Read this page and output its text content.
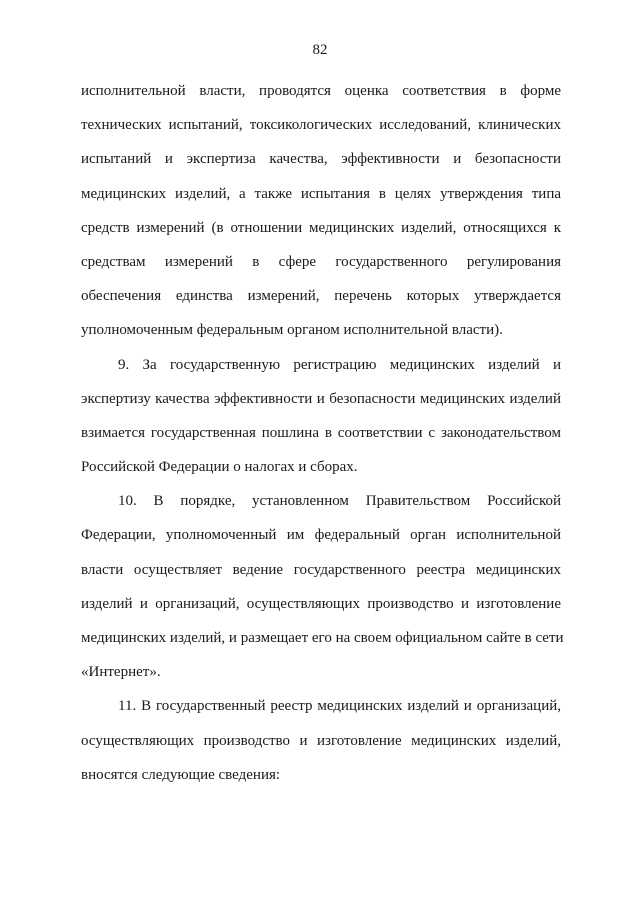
82
исполнительной власти, проводятся оценка соответствия в форме
технических испытаний, токсикологических исследований, клинических
испытаний и экспертиза качества, эффективности и безопасности
медицинских изделий, а также испытания в целях утверждения типа
средств измерений (в отношении медицинских изделий, относящихся к
средствам измерений в сфере государственного регулирования
обеспечения единства измерений, перечень которых утверждается
уполномоченным федеральным органом исполнительной власти).
9. За государственную регистрацию медицинских изделий и
экспертизу качества эффективности и безопасности медицинских изделий
взимается государственная пошлина в соответствии с законодательством
Российской Федерации о налогах и сборах.
10. В порядке, установленном Правительством Российской
Федерации, уполномоченный им федеральный орган исполнительной
власти осуществляет ведение государственного реестра медицинских
изделий и организаций, осуществляющих производство и изготовление
медицинских изделий, и размещает его на своем официальном сайте в сети
«Интернет».
11. В государственный реестр медицинских изделий и организаций,
осуществляющих производство и изготовление медицинских изделий,
вносятся следующие сведения:
